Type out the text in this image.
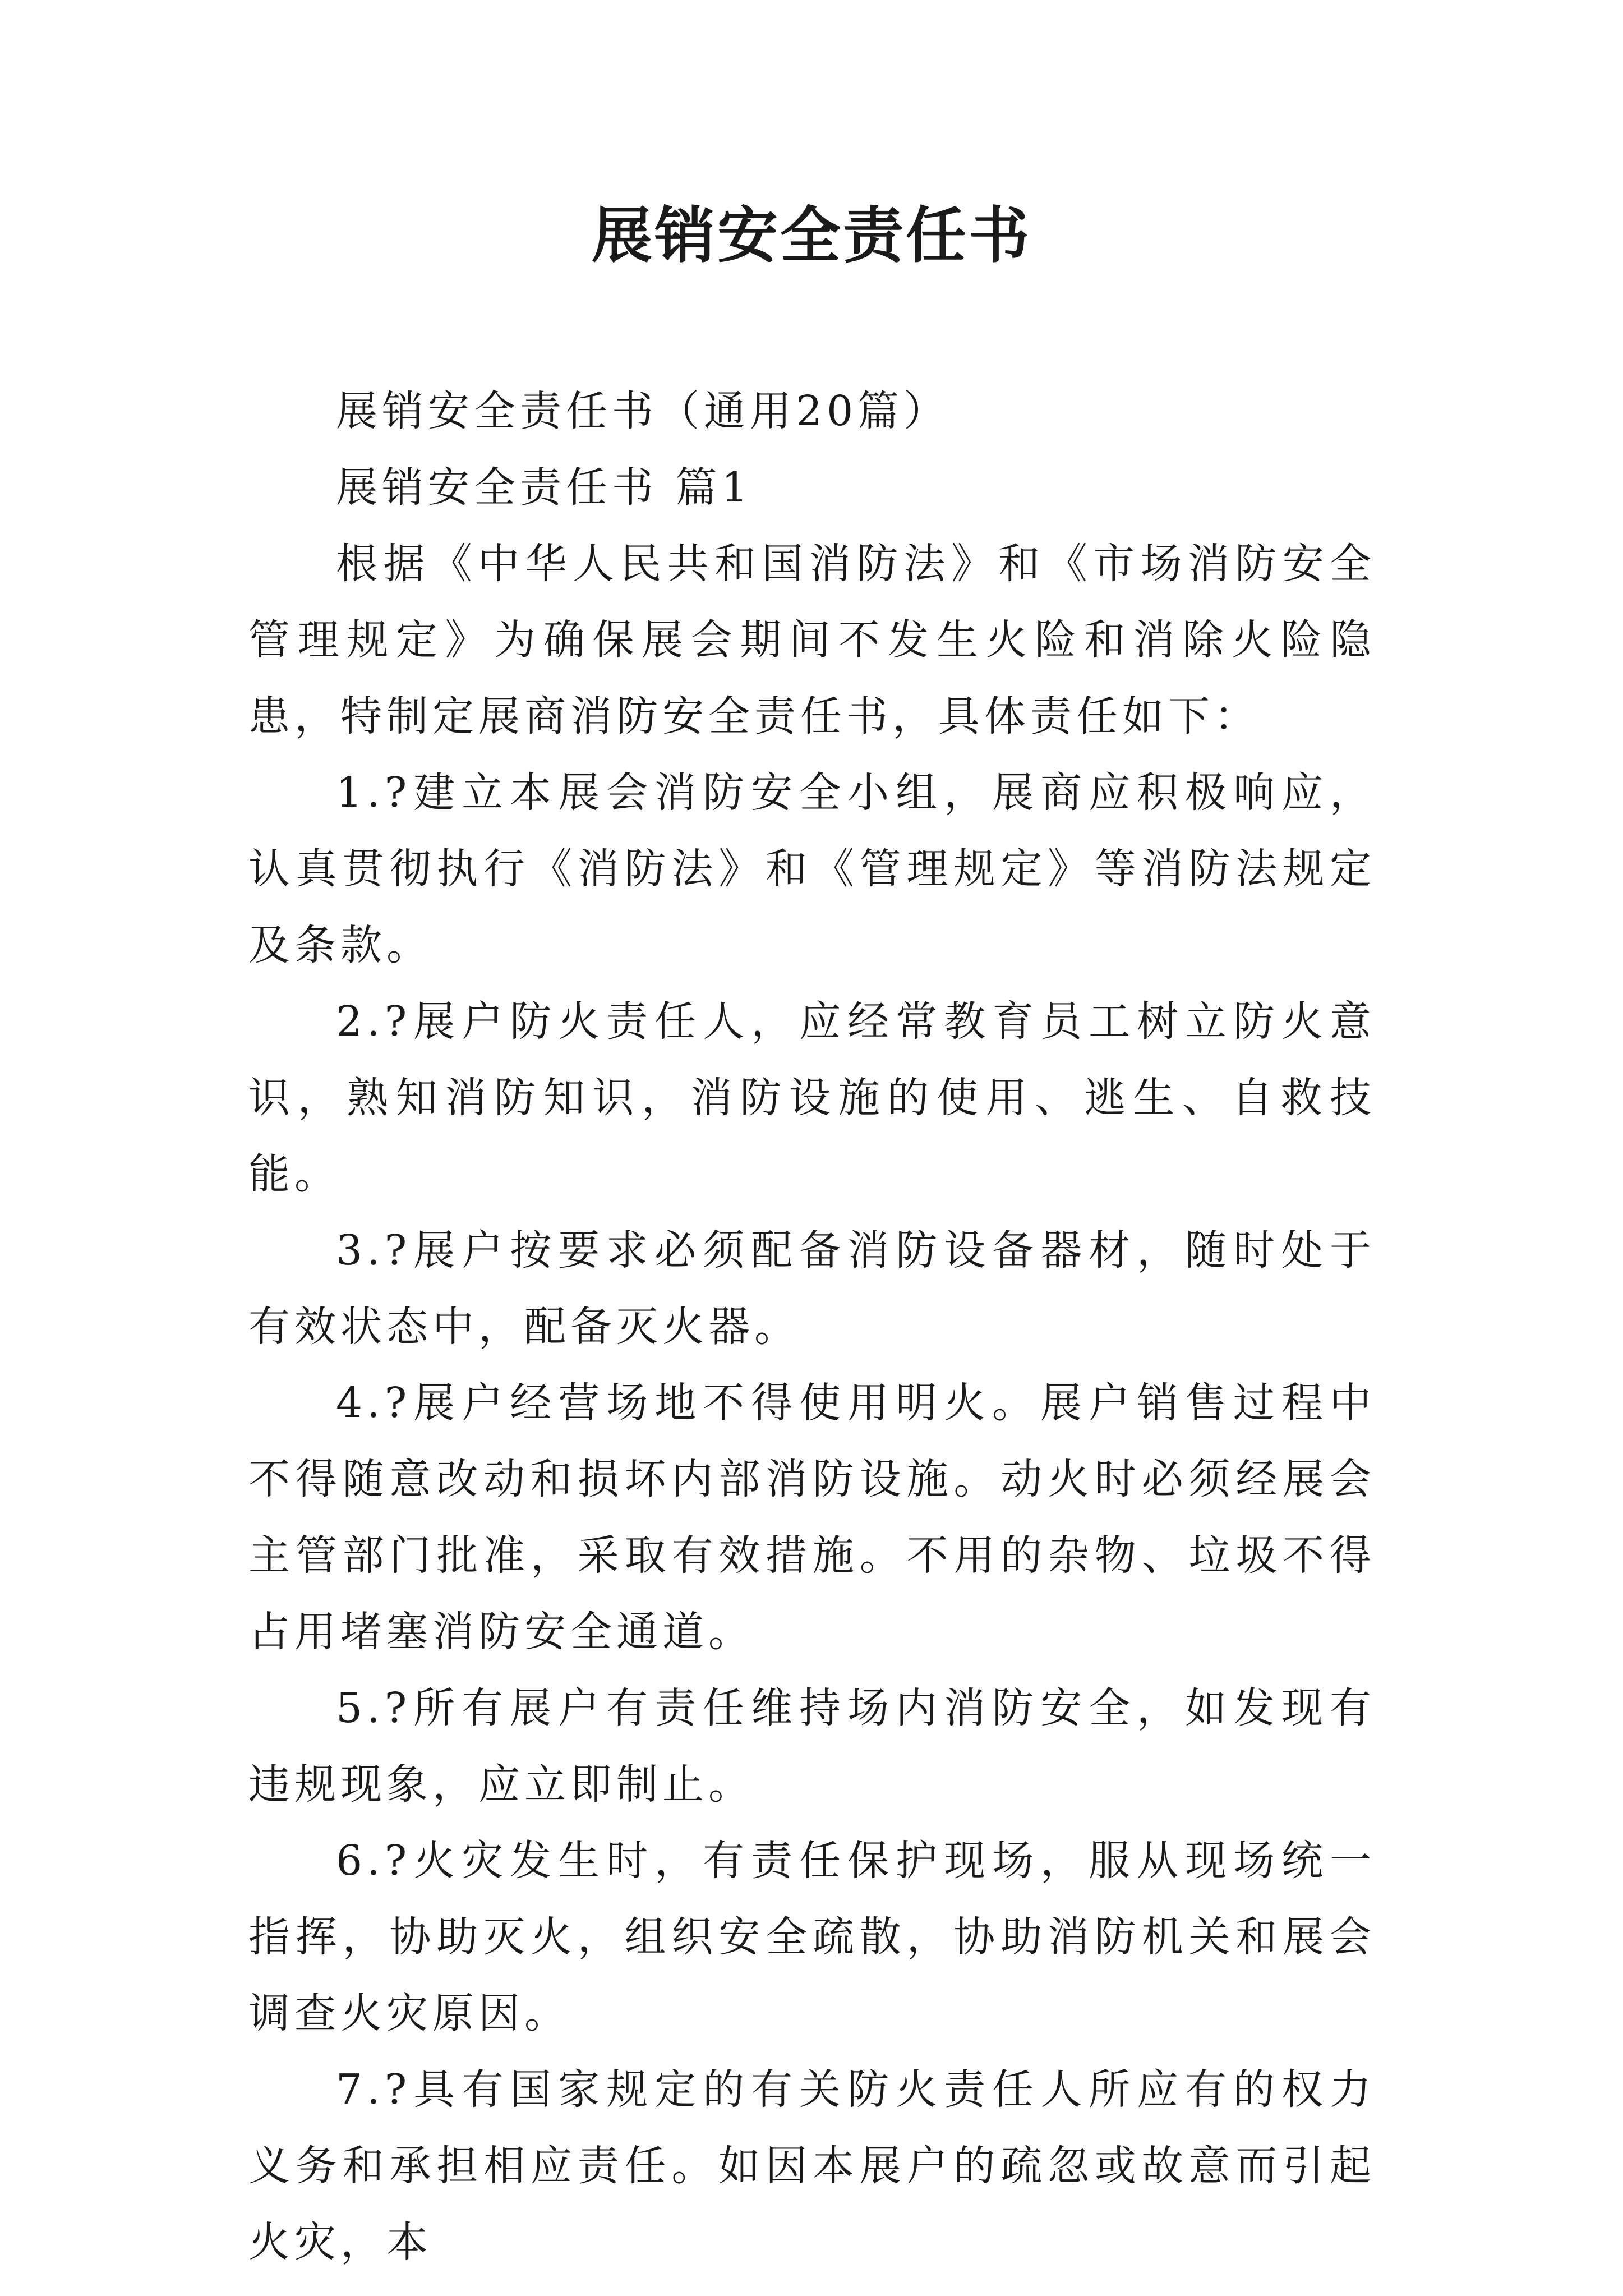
展销安全责任书

展销安全责任书（通用20篇）

展销安全责任书 篇1

根据《中华人民共和国消防法》和《市场消防安全管理规定》为确保展会期间不发生火险和消除火险隐患，特制定展商消防安全责任书，具体责任如下：

1.?建立本展会消防安全小组，展商应积极响应，认真贯彻执行《消防法》和《管理规定》等消防法规定及条款。

2.?展户防火责任人，应经常教育员工树立防火意识，熟知消防知识，消防设施的使用、逃生、自救技能。

3.?展户按要求必须配备消防设备器材，随时处于有效状态中，配备灭火器。

4.?展户经营场地不得使用明火。展户销售过程中不得随意改动和损坏内部消防设施。动火时必须经展会主管部门批准，采取有效措施。不用的杂物、垃圾不得占用堵塞消防安全通道。

5.?所有展户有责任维持场内消防安全，如发现有违规现象，应立即制止。

6.?火灾发生时，有责任保护现场，服从现场统一指挥，协助灭火，组织安全疏散，协助消防机关和展会调查火灾原因。

7.?具有国家规定的有关防火责任人所应有的权力义务和承担相应责任。如因本展户的疏忽或故意而引起火灾，本
